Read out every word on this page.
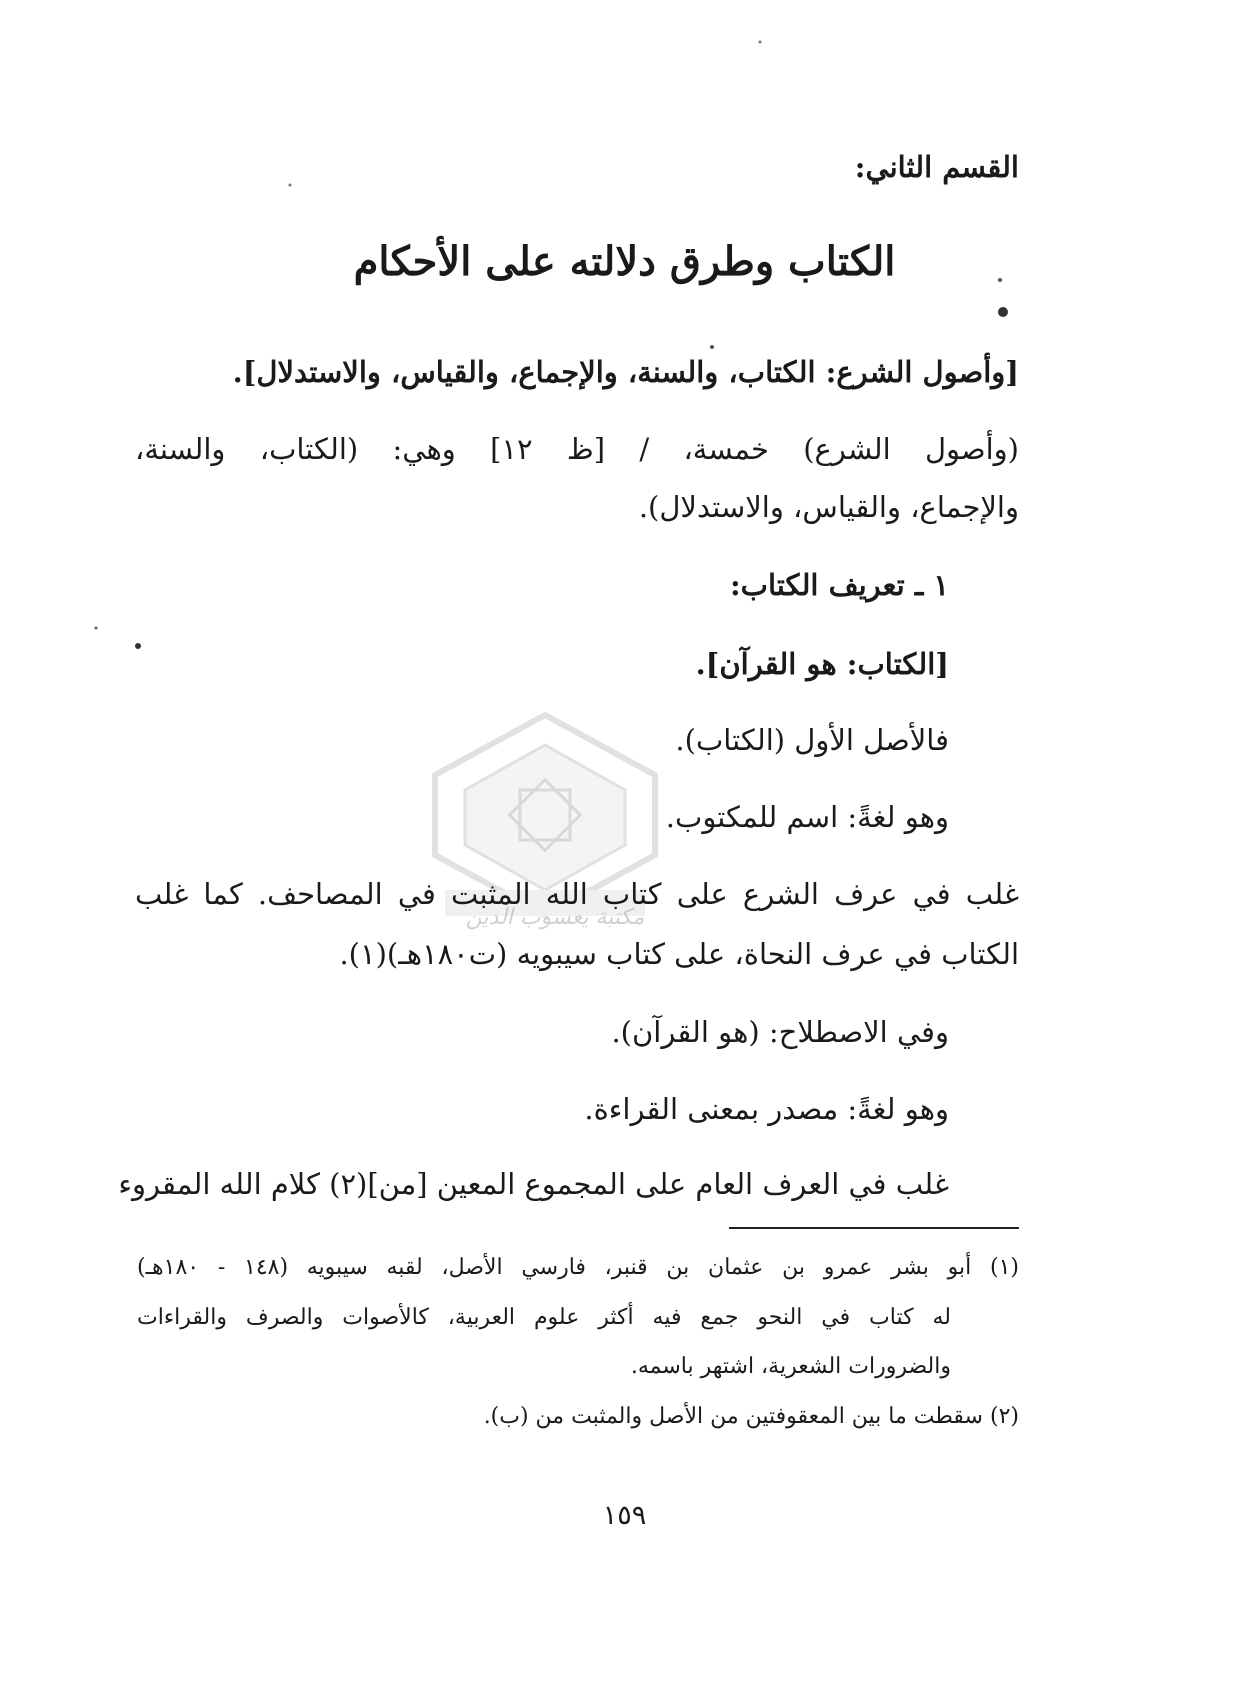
مكتبة يعسوب الدين

القسم الثاني:

الكتاب وطرق دلالته على الأحكام

[وأصول الشرع: الكتاب، والسنة، والإجماع، والقياس، والاستدلال].

(وأصول الشرع) خمسة، / [ظ ١٢] وهي: (الكتاب، والسنة،

والإجماع، والقياس، والاستدلال).

١ ـ تعريف الكتاب:

[الكتاب: هو القرآن].

فالأصل الأول (الكتاب).

وهو لغةً: اسم للمكتوب.

غلب في عرف الشرع على كتاب الله المثبت في المصاحف. كما غلب

الكتاب في عرف النحاة، على كتاب سيبويه (ت١٨٠هـ)(١).

وفي الاصطلاح: (هو القرآن).

وهو لغةً: مصدر بمعنى القراءة.

غلب في العرف العام على المجموع المعين [من](٢) كلام الله المقروء

(١) أبو بشر عمرو بن عثمان بن قنبر، فارسي الأصل، لقبه سيبويه (١٤٨ - ١٨٠هـ)

له كتاب في النحو جمع فيه أكثر علوم العربية، كالأصوات والصرف والقراءات

والضرورات الشعرية، اشتهر باسمه.

(٢) سقطت ما بين المعقوفتين من الأصل والمثبت من (ب).

١٥٩
